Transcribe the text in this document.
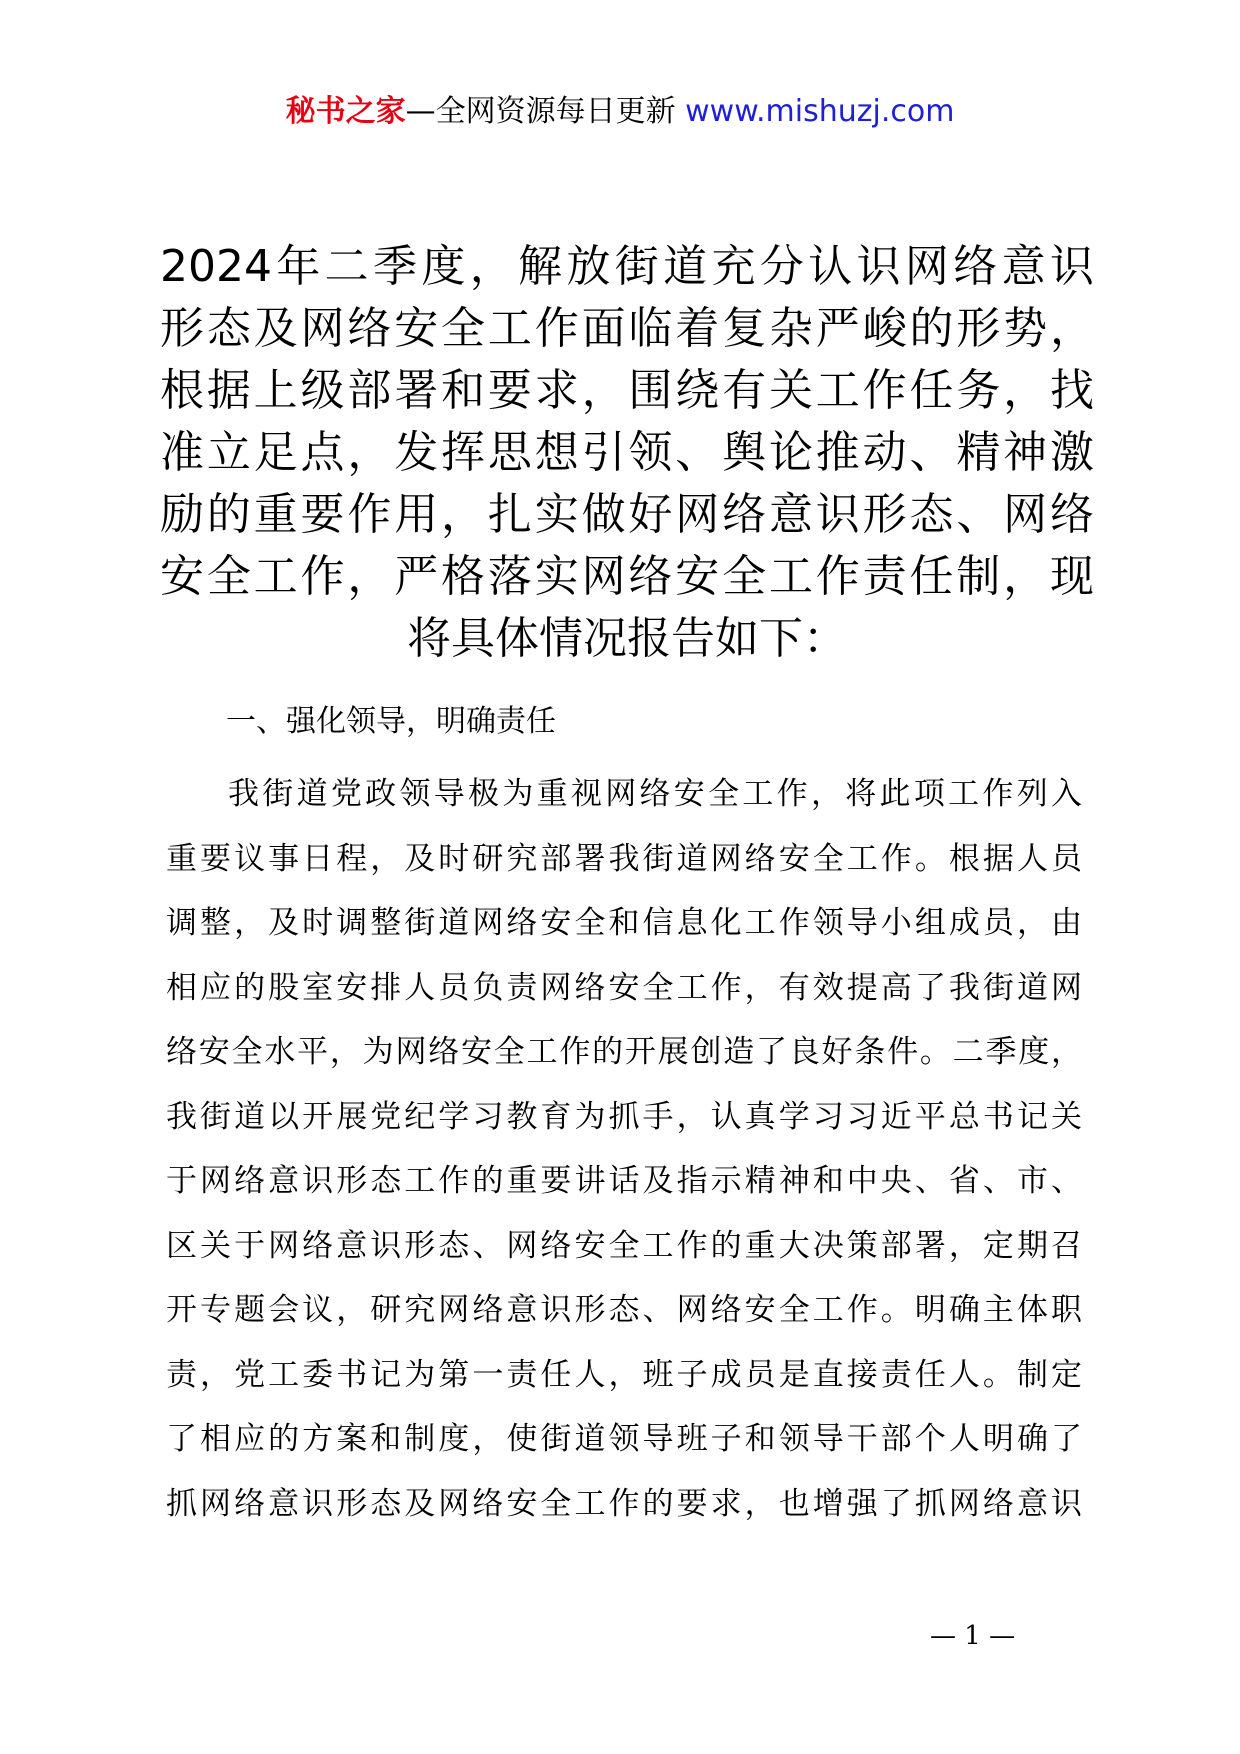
秘书之家—全网资源每日更新 www.mishuzj.com
2024年二季度，解放街道充分认识网络意识
形态及网络安全工作面临着复杂严峻的形势，
根据上级部署和要求，围绕有关工作任务，找
准立足点，发挥思想引领、舆论推动、精神激
励的重要作用，扎实做好网络意识形态、网络
安全工作，严格落实网络安全工作责任制，现
将具体情况报告如下：
一、强化领导，明确责任
我街道党政领导极为重视网络安全工作，将此项工作列入
重要议事日程，及时研究部署我街道网络安全工作。根据人员
调整，及时调整街道网络安全和信息化工作领导小组成员，由
相应的股室安排人员负责网络安全工作，有效提高了我街道网
络安全水平，为网络安全工作的开展创造了良好条件。二季度，
我街道以开展党纪学习教育为抓手，认真学习习近平总书记关
于网络意识形态工作的重要讲话及指示精神和中央、省、市、
区关于网络意识形态、网络安全工作的重大决策部署，定期召
开专题会议，研究网络意识形态、网络安全工作。明确主体职
责，党工委书记为第一责任人，班子成员是直接责任人。制定
了相应的方案和制度，使街道领导班子和领导干部个人明确了
抓网络意识形态及网络安全工作的要求，也增强了抓网络意识
— 1 —
